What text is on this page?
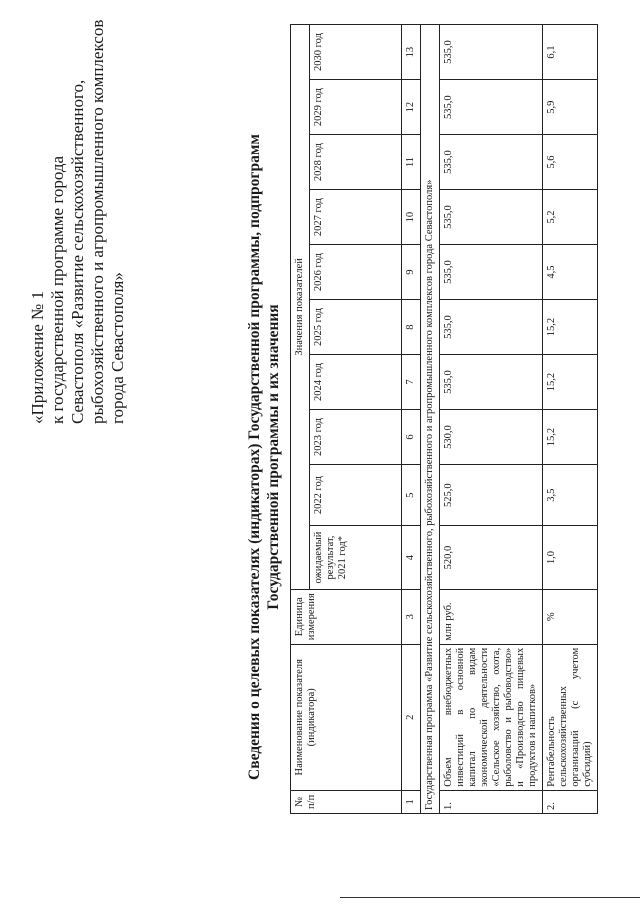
«Приложение № 1 к государственной программе города Севастополя «Развитие сельскохозяйственного, рыбохозяйственного и агропромышленного комплексов города Севастополя»	Сведения о целевых показателях (индикаторах) Государственной программы, подпрограмм Государственной программы и их значения
№ п/п	Наименование показателя (индикатора)	Единица измерения	Значения показателей									
			ожидаемый результат, 2021 год*	2022 год	2023 год	2024 год	2025 год	2026 год	2027 год	2028 год	2029 год	2030 год
1	2	3	4	5	6	7	8	9	10	11	12	13
Государственная программа «Развитие сельскохозяйственного, рыбохозяйственного и агропромышленного комплексов города Севастополя»												
1.	Объем внебюджетных инвестиций в основной капитал по видам экономической деятельности «Сельское хозяйство, охота, рыболовство и рыбоводство» и «Производство пищевых продуктов и напитков»	млн руб.	520,0	525,0	530,0	535,0	535,0	535,0	535,0	535,0	535,0	535,0
2.	Рентабельность сельскохозяйственных организаций (с учетом субсидий)	%	1,0	3,5	15,2	15,2	15,2	4,5	5,2	5,6	5,9	6,1
